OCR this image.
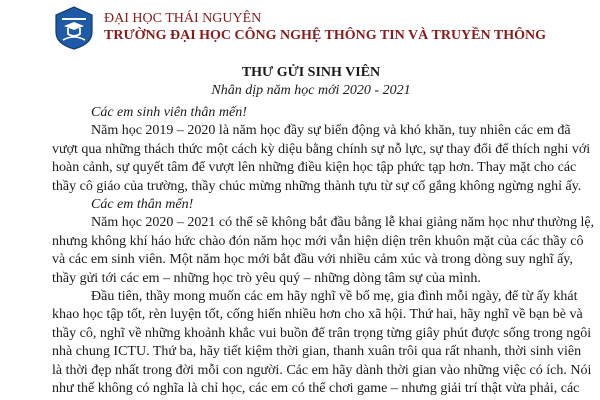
ĐẠI HỌC THÁI NGUYÊN
TRƯỜNG ĐẠI HỌC CÔNG NGHỆ THÔNG TIN VÀ TRUYỀN THÔNG
THƯ GỬI SINH VIÊN
Nhân dịp năm học mới 2020 - 2021
Các em sinh viên thân mến!
Năm học 2019 – 2020 là năm học đầy sự biến động và khó khăn, tuy nhiên các em đã
vượt qua những thách thức một cách kỳ diệu bằng chính sự nỗ lực, sự thay đổi để thích nghi với
hoàn cảnh, sự quyết tâm để vượt lên những điều kiện học tập phức tạp hơn. Thay mặt cho các
thầy cô giáo của trường, thầy chúc mừng những thành tựu từ sự cố gắng không ngừng nghỉ ấy.
Các em thân mến!
Năm học 2020 – 2021 có thể sẽ không bắt đầu bằng lễ khai giảng năm học như thường lệ,
nhưng không khí háo hức chào đón năm học mới vẫn hiện diện trên khuôn mặt của các thầy cô
và các em sinh viên. Một năm học mới bắt đầu với nhiều cảm xúc và trong dòng suy nghĩ ấy,
thầy gửi tới các em – những học trò yêu quý – những dòng tâm sự của mình.
Đầu tiên, thầy mong muốn các em hãy nghĩ về bố mẹ, gia đình mỗi ngày, để từ ấy khát
khao học tập tốt, rèn luyện tốt, cống hiến nhiều hơn cho xã hội. Thứ hai, hãy nghĩ về bạn bè và
thầy cô, nghĩ về những khoảnh khắc vui buồn để trân trọng từng giây phút được sống trong ngôi
nhà chung ICTU. Thứ ba, hãy tiết kiệm thời gian, thanh xuân trôi qua rất nhanh, thời sinh viên
là thời đẹp nhất trong đời mỗi con người. Các em hãy dành thời gian vào những việc có ích. Nói
như thế không có nghĩa là chỉ học, các em có thể chơi game – nhưng giải trí thật vừa phải, các
